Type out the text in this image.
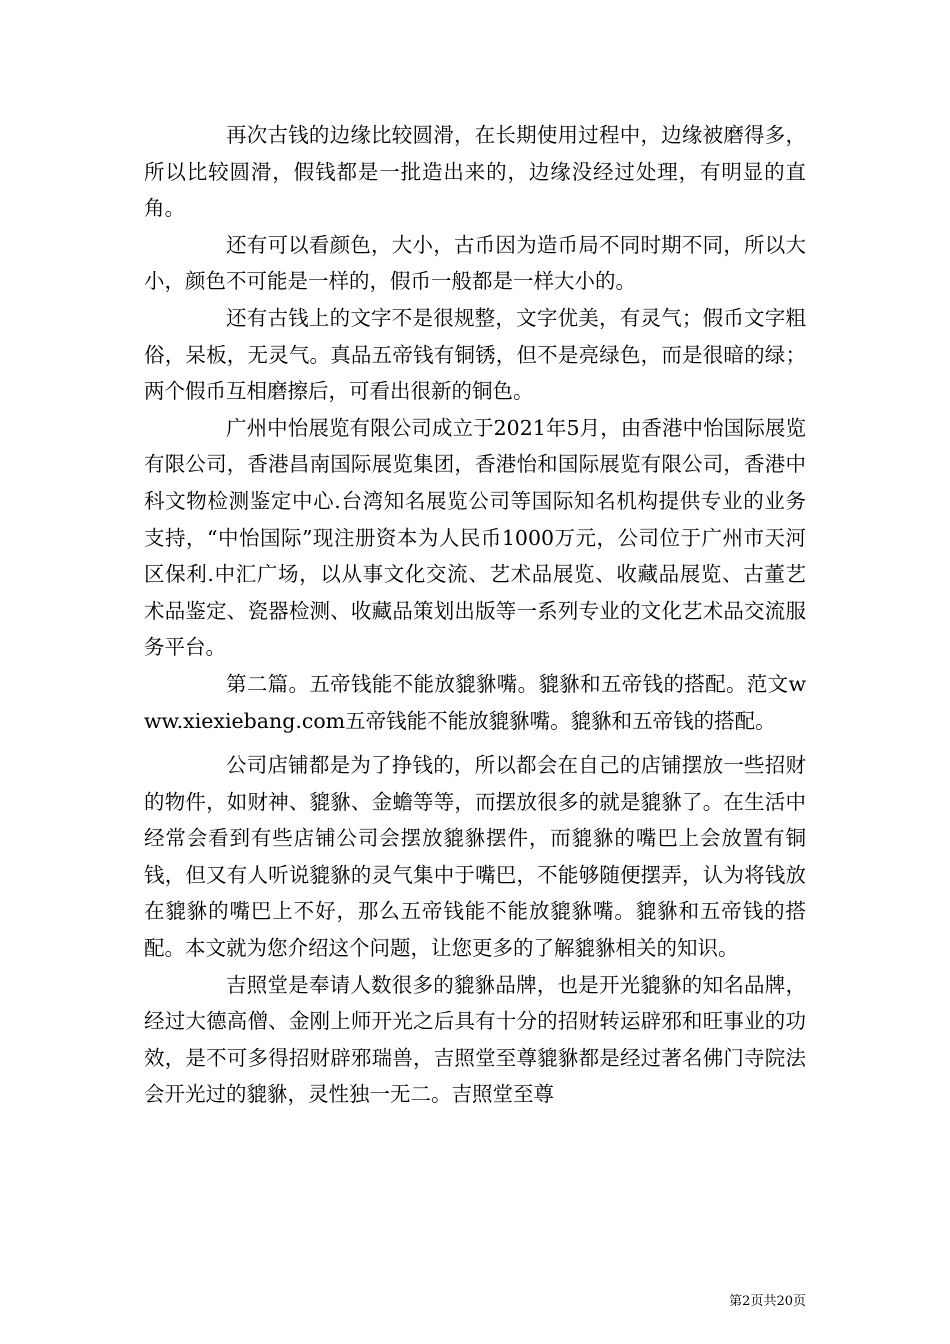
再次古钱的边缘比较圆滑，在长期使用过程中，边缘被磨得多，所以比较圆滑，假钱都是一批造出来的，边缘没经过处理，有明显的直角。

还有可以看颜色，大小，古币因为造币局不同时期不同，所以大小，颜色不可能是一样的，假币一般都是一样大小的。

还有古钱上的文字不是很规整，文字优美，有灵气；假币文字粗俗，呆板，无灵气。真品五帝钱有铜锈，但不是亮绿色，而是很暗的绿；两个假币互相磨擦后，可看出很新的铜色。

广州中怡展览有限公司成立于2021年5月，由香港中怡国际展览有限公司，香港昌南国际展览集团，香港怡和国际展览有限公司，香港中科文物检测鉴定中心.台湾知名展览公司等国际知名机构提供专业的业务支持，“中怡国际”现注册资本为人民币1000万元，公司位于广州市天河区保利.中汇广场，以从事文化交流、艺术品展览、收藏品展览、古董艺术品鉴定、瓷器检测、收藏品策划出版等一系列专业的文化艺术品交流服务平台。

第二篇。五帝钱能不能放貔貅嘴。貔貅和五帝钱的搭配。范文www.xiexiebang.com五帝钱能不能放貔貅嘴。貔貅和五帝钱的搭配。

公司店铺都是为了挣钱的，所以都会在自己的店铺摆放一些招财的物件，如财神、貔貅、金蟾等等，而摆放很多的就是貔貅了。在生活中经常会看到有些店铺公司会摆放貔貅摆件，而貔貅的嘴巴上会放置有铜钱，但又有人听说貔貅的灵气集中于嘴巴，不能够随便摆弄，认为将钱放在貔貅的嘴巴上不好，那么五帝钱能不能放貔貅嘴。貔貅和五帝钱的搭配。本文就为您介绍这个问题，让您更多的了解貔貅相关的知识。

吉照堂是奉请人数很多的貔貅品牌，也是开光貔貅的知名品牌，经过大德高僧、金刚上师开光之后具有十分的招财转运辟邪和旺事业的功效，是不可多得招财辟邪瑞兽，吉照堂至尊貔貅都是经过著名佛门寺院法会开光过的貔貅，灵性独一无二。吉照堂至尊

第2页共20页
